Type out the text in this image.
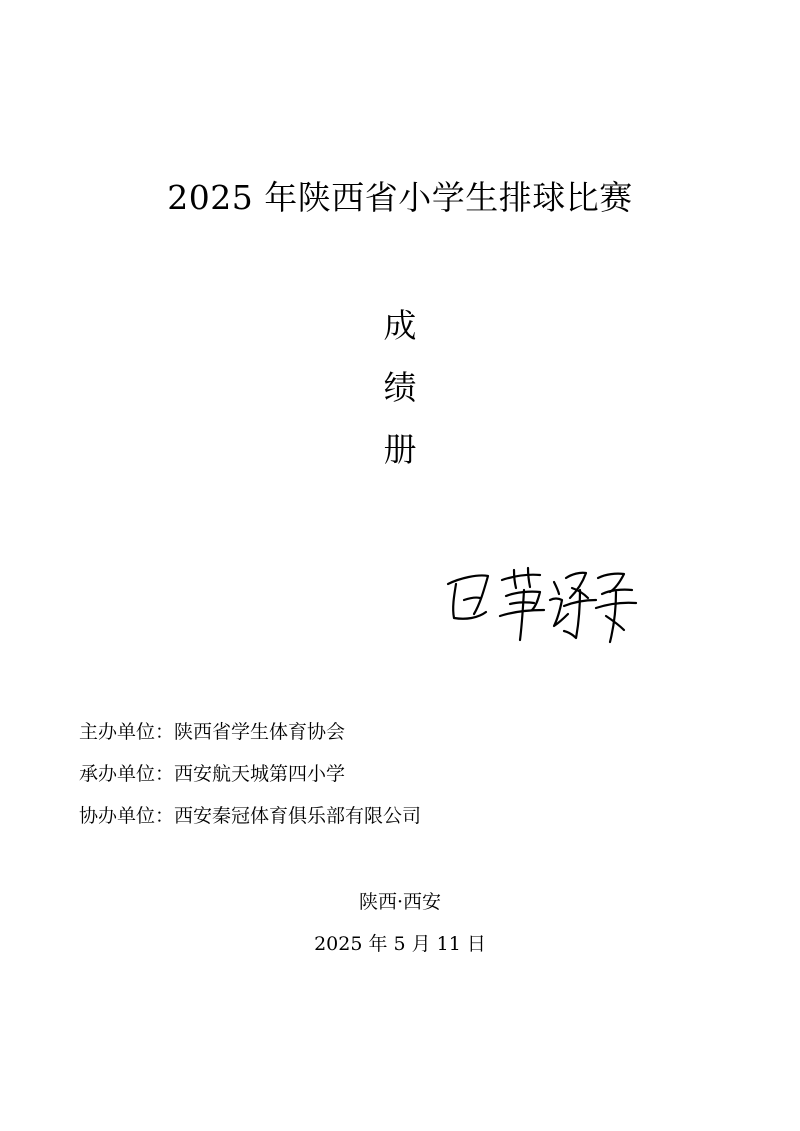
2025 年陕西省小学生排球比赛
成
绩
册
主办单位：陕西省学生体育协会
承办单位：西安航天城第四小学
协办单位：西安秦冠体育俱乐部有限公司
陕西·西安
2025 年 5 月 11 日
